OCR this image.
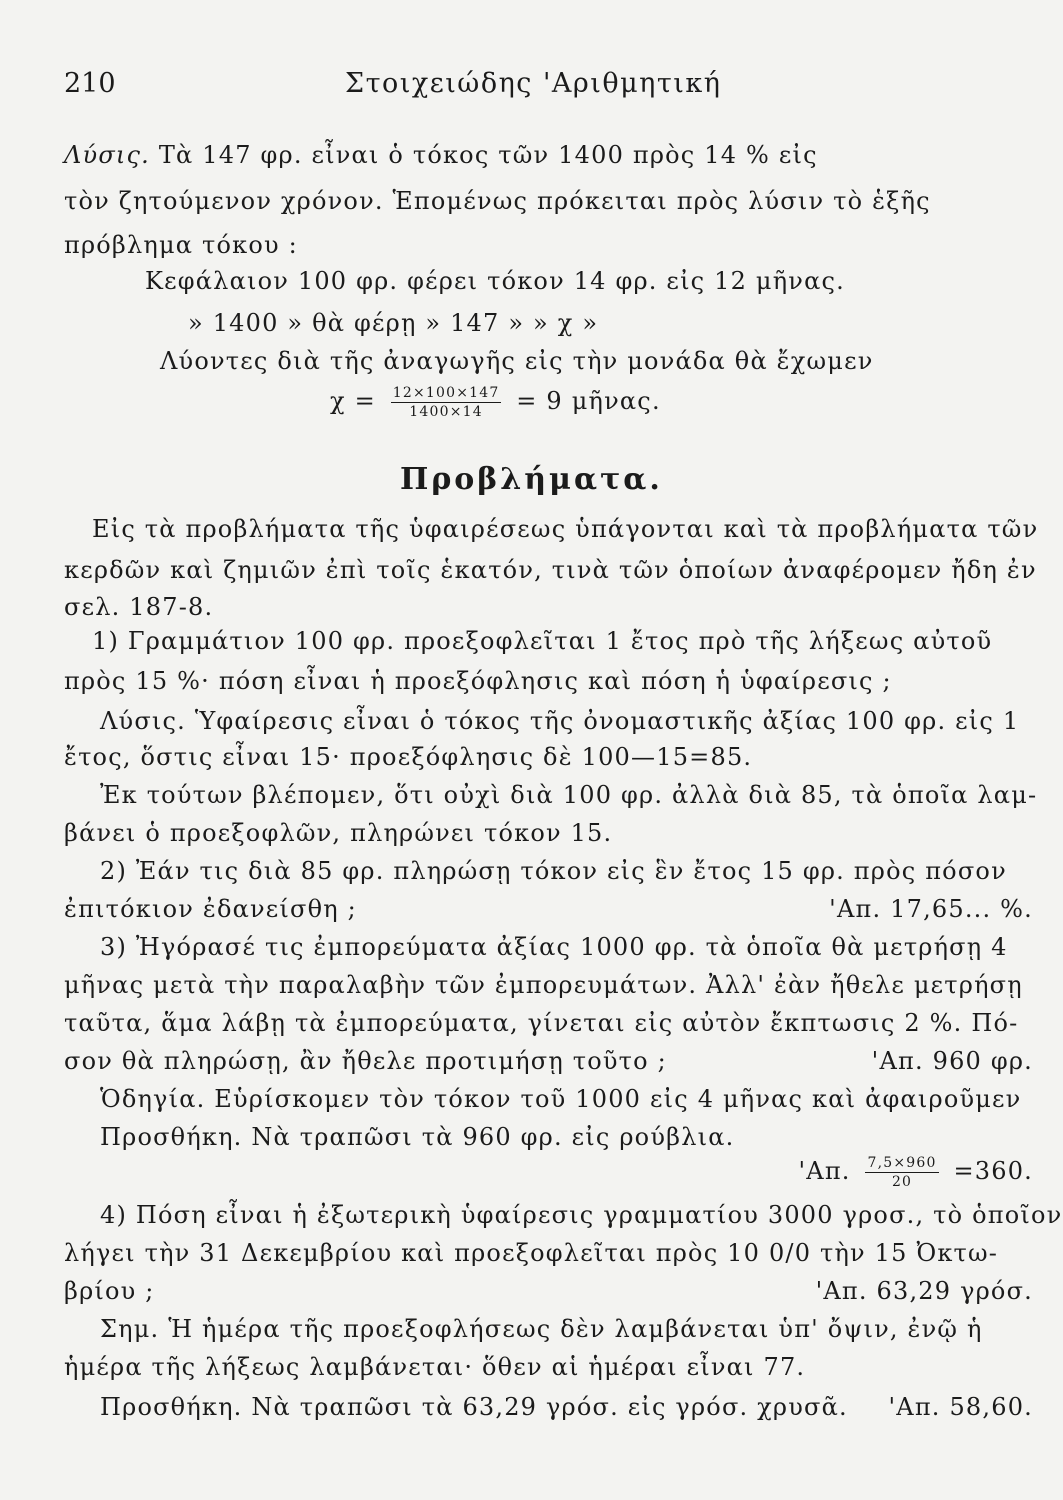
210	Στοιχειώδης 'Αριθμητική
Λύσις. Τὰ 147 φρ. εἶναι ὁ τόκος τῶν 1400 πρὸς 14 % εἰς
τὸν ζητούμενον χρόνον. Ἑπομένως πρόκειται πρὸς λύσιν τὸ ἑξῆς
πρόβλημα τόκου :
Κεφάλαιον 100 φρ. φέρει τόκον 14 φρ. εἰς 12 μῆνας.
» 1400 » θὰ φέρῃ » 147 » » χ »
Λύοντες διὰ τῆς ἀναγωγῆς εἰς τὴν μονάδα θὰ ἔχωμεν
$\chi = \frac{12\times 100\times 147}{1400\times 14} = 9$ μῆνας.
Προβλήματα.
Εἰς τὰ προβλήματα τῆς ὑφαιρέσεως ὑπάγονται καὶ τὰ προβλήματα τῶν
κερδῶν καὶ ζημιῶν ἐπὶ τοῖς ἑκατόν, τινὰ τῶν ὁποίων ἀναφέρομεν ἤδη ἐν
σελ. 187-8.
1) Γραμμάτιον 100 φρ. προεξοφλεῖται 1 ἔτος πρὸ τῆς λήξεως αὐτοῦ
πρὸς 15 %· πόση εἶναι ἡ προεξόφλησις καὶ πόση ἡ ὑφαίρεσις ;
Λύσις. Ὑφαίρεσις εἶναι ὁ τόκος τῆς ὀνομαστικῆς ἀξίας 100 φρ. εἰς 1
ἔτος, ὅστις εἶναι 15· προεξόφλησις δὲ 100—15=85.
Ἐκ τούτων βλέπομεν, ὅτι οὐχὶ διὰ 100 φρ. ἀλλὰ διὰ 85, τὰ ὁποῖα λαμ-
βάνει ὁ προεξοφλῶν, πληρώνει τόκον 15.
2) Ἐάν τις διὰ 85 φρ. πληρώσῃ τόκον εἰς ἓν ἔτος 15 φρ. πρὸς πόσον
ἐπιτόκιον ἐδανείσθη ;	'Απ. 17,65... %.
3) Ἠγόρασέ τις ἐμπορεύματα ἀξίας 1000 φρ. τὰ ὁποῖα θὰ μετρήσῃ 4
μῆνας μετὰ τὴν παραλαβὴν τῶν ἐμπορευμάτων. Ἀλλ' ἐὰν ἤθελε μετρήσῃ
ταῦτα, ἅμα λάβῃ τὰ ἐμπορεύματα, γίνεται εἰς αὐτὸν ἔκπτωσις 2 %. Πό-
σον θὰ πληρώσῃ, ἂν ἤθελε προτιμήσῃ τοῦτο ;	'Απ. 960 φρ.
Ὁδηγία. Εὑρίσκομεν τὸν τόκον τοῦ 1000 εἰς 4 μῆνας καὶ ἀφαιροῦμεν
Προσθήκη. Νὰ τραπῶσι τὰ 960 φρ. εἰς ρούβλια.
'Απ. $\frac{7,5\times 960}{20} =360$.
4) Πόση εἶναι ἡ ἐξωτερικὴ ὑφαίρεσις γραμματίου 3000 γροσ., τὸ ὁποῖον
λήγει τὴν 31 Δεκεμβρίου καὶ προεξοφλεῖται πρὸς 10 0/0 τὴν 15 Ὀκτω-
βρίου ;	'Απ. 63,29 γρόσ.
Σημ. Ἡ ἡμέρα τῆς προεξοφλήσεως δὲν λαμβάνεται ὑπ' ὄψιν, ἐνῷ ἡ
ἡμέρα τῆς λήξεως λαμβάνεται· ὅθεν αἱ ἡμέραι εἶναι 77.
Προσθήκη. Νὰ τραπῶσι τὰ 63,29 γρόσ. εἰς γρόσ. χρυσᾶ. 'Απ. 58,60.
